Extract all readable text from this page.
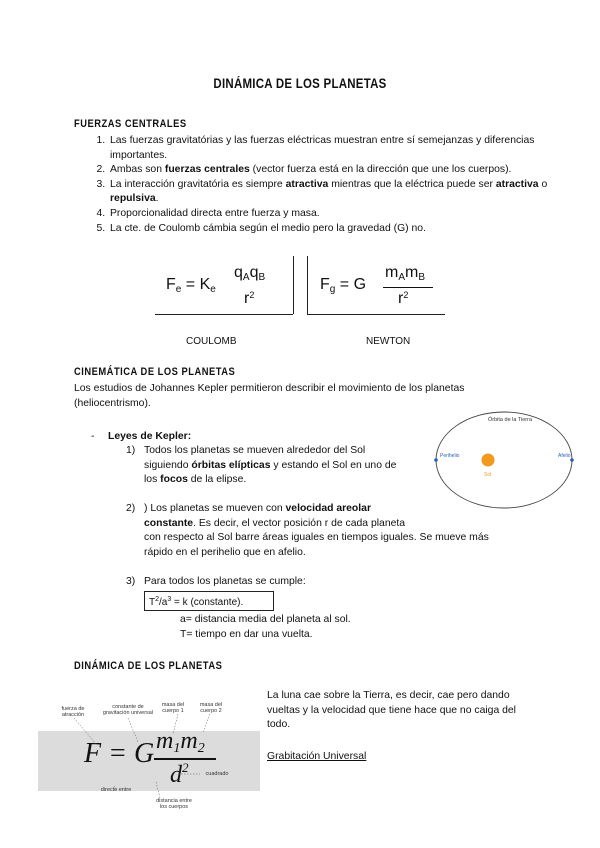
DINÁMICA DE LOS PLANETAS
FUERZAS CENTRALES
1. Las fuerzas gravitatórias y las fuerzas eléctricas muestran entre sí semejanzas y diferencias importantes.
2. Ambas son fuerzas centrales (vector fuerza está en la dirección que une los cuerpos).
3. La interacción gravitatória es siempre atractiva mientras que la eléctrica puede ser atractiva o repulsiva.
4. Proporcionalidad directa entre fuerza y masa.
5. La cte. de Coulomb cámbia según el medio pero la gravedad (G) no.
$F_e = K_e$
$q_Aq_B$
$r^2$
$F_g = G$
$m_Am_B$
$r^2$
COULOMB	NEWTON
CINEMÁTICA DE LOS PLANETAS
Los estudios de Johannes Kepler permitieron describir el movimiento de los planetas (heliocentrismo).
- Leyes de Kepler:
1) Todos los planetas se mueven alrededor del Sol
siguiendo órbitas elípticas y estando el Sol en uno de
los focos de la elipse.
Órbita de la Tierra
Perihelio	Afelio
Sol
2) ) Los planetas se mueven con velocidad areolar
constante. Es decir, el vector posición r de cada planeta
con respecto al Sol barre áreas iguales en tiempos iguales. Se mueve más
rápido en el perihelio que en afelio.
3) Para todos los planetas se cumple:
$T^2/a^3 = k$ (constante).
a= distancia media del planeta al sol.
T= tiempo en dar una vuelta.
DINÁMICA DE LOS PLANETAS
La luna cae sobre la Tierra, es decir, cae pero dando vueltas y la velocidad que tiene hace que no caiga del todo.
Grabitación Universal
F = G m1m2
$d^2$
fuerza de atracción
constante de gravitación universal
masa del cuerpo 1
masa del cuerpo 2
cuadrado
directo entre
distancia entre los cuerpos
